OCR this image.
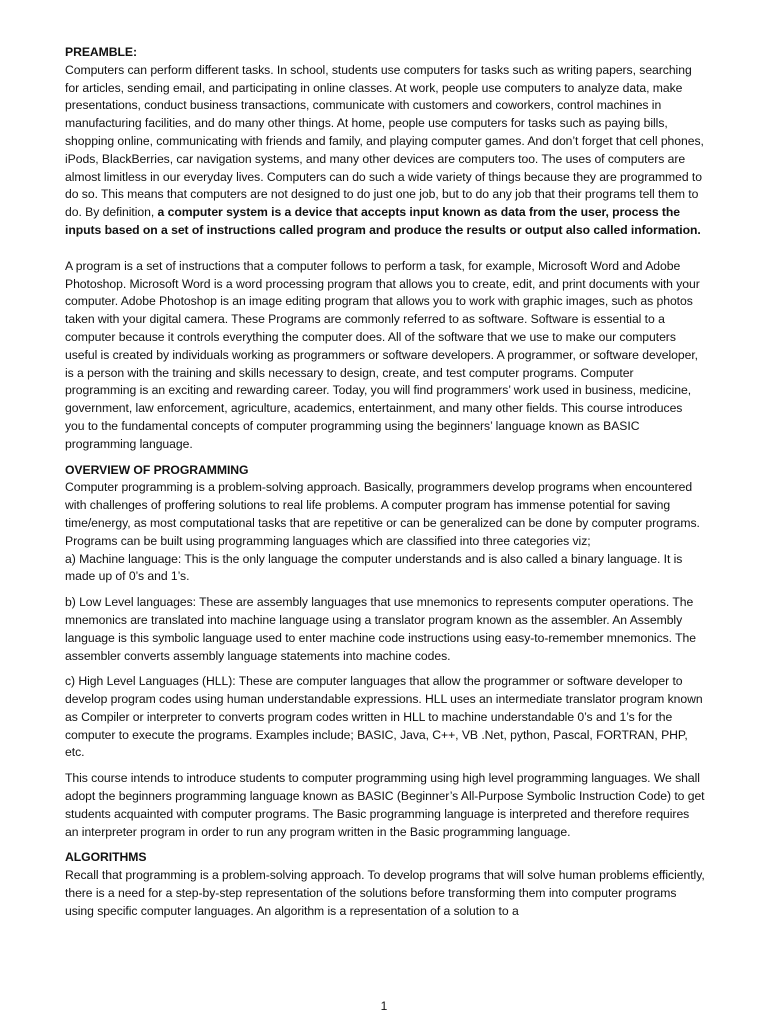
PREAMBLE:

Computers can perform different tasks. In school, students use computers for tasks such as writing papers, searching for articles, sending email, and participating in online classes. At work, people use computers to analyze data, make presentations, conduct business transactions, communicate with customers and coworkers, control machines in manufacturing facilities, and do many other things. At home, people use computers for tasks such as paying bills, shopping online, communicating with friends and family, and playing computer games. And don’t forget that cell phones, iPods, BlackBerries, car navigation systems, and many other devices are computers too. The uses of computers are almost limitless in our everyday lives. Computers can do such a wide variety of things because they are programmed to do so. This means that computers are not designed to do just one job, but to do any job that their programs tell them to do. By definition, a computer system is a device that accepts input known as data from the user, process the inputs based on a set of instructions called program and produce the results or output also called information.

A program is a set of instructions that a computer follows to perform a task, for example, Microsoft Word and Adobe Photoshop. Microsoft Word is a word processing program that allows you to create, edit, and print documents with your computer. Adobe Photoshop is an image editing program that allows you to work with graphic images, such as photos taken with your digital camera. These Programs are commonly referred to as software. Software is essential to a computer because it controls everything the computer does. All of the software that we use to make our computers useful is created by individuals working as programmers or software developers. A programmer, or software developer, is a person with the training and skills necessary to design, create, and test computer programs. Computer programming is an exciting and rewarding career. Today, you will find programmers’ work used in business, medicine, government, law enforcement, agriculture, academics, entertainment, and many other fields. This course introduces you to the fundamental concepts of computer programming using the beginners’ language known as BASIC programming language.

OVERVIEW OF PROGRAMMING

Computer programming is a problem-solving approach. Basically, programmers develop programs when encountered with challenges of proffering solutions to real life problems. A computer program has immense potential for saving time/energy, as most computational tasks that are repetitive or can be generalized can be done by computer programs. Programs can be built using programming languages which are classified into three categories viz;

a) Machine language: This is the only language the computer understands and is also called a binary language. It is made up of 0’s and 1’s.

b) Low Level languages: These are assembly languages that use mnemonics to represents computer operations. The mnemonics are translated into machine language using a translator program known as the assembler. An Assembly language is this symbolic language used to enter machine code instructions using easy-to-remember mnemonics. The assembler converts assembly language statements into machine codes.

c) High Level Languages (HLL): These are computer languages that allow the programmer or software developer to develop program codes using human understandable expressions. HLL uses an intermediate translator program known as Compiler or interpreter to converts program codes written in HLL to machine understandable 0’s and 1’s for the computer to execute the programs. Examples include; BASIC, Java, C++, VB .Net, python, Pascal, FORTRAN, PHP, etc.

This course intends to introduce students to computer programming using high level programming languages. We shall adopt the beginners programming language known as BASIC (Beginner’s All-Purpose Symbolic Instruction Code) to get students acquainted with computer programs. The Basic programming language is interpreted and therefore requires an interpreter program in order to run any program written in the Basic programming language.

ALGORITHMS

Recall that programming is a problem-solving approach. To develop programs that will solve human problems efficiently, there is a need for a step-by-step representation of the solutions before transforming them into computer programs using specific computer languages. An algorithm is a representation of a solution to a

1
